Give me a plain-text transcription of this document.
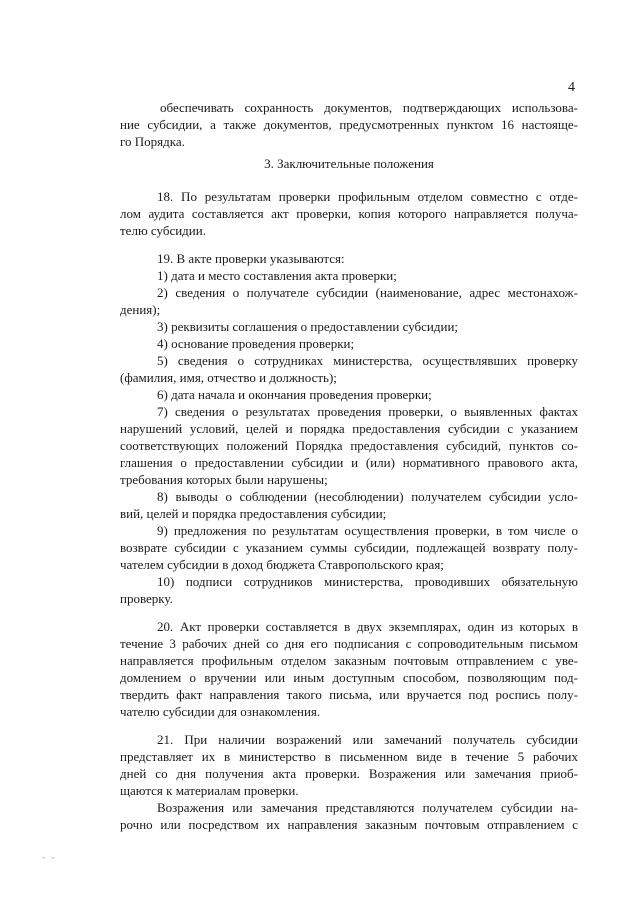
4
3. Заключительные положения
обеспечивать сохранность документов, подтверждающих использова-
ние субсидии, а также документов, предусмотренных пунктом 16 настояще-
го Порядка.
18. По результатам проверки профильным отделом совместно с отде-
лом аудита составляется акт проверки, копия которого направляется получа-
телю субсидии.
19. В акте проверки указываются:
1) дата и место составления акта проверки;
2) сведения о получателе субсидии (наименование, адрес местонахож-
дения);
3) реквизиты соглашения о предоставлении субсидии;
4) основание проведения проверки;
5) сведения о сотрудниках министерства, осуществлявших проверку
(фамилия, имя, отчество и должность);
6) дата начала и окончания проведения проверки;
7) сведения о результатах проведения проверки, о выявленных фактах
нарушений условий, целей и порядка предоставления субсидии с указанием
соответствующих положений Порядка предоставления субсидий, пунктов со-
глашения о предоставлении субсидии и (или) нормативного правового акта,
требования которых были нарушены;
8) выводы о соблюдении (несоблюдении) получателем субсидии усло-
вий, целей и порядка предоставления субсидии;
9) предложения по результатам осуществления проверки, в том числе о
возврате субсидии с указанием суммы субсидии, подлежащей возврату полу-
чателем субсидии в доход бюджета Ставропольского края;
10) подписи сотрудников министерства, проводивших обязательную
проверку.
20. Акт проверки составляется в двух экземплярах, один из которых в
течение 3 рабочих дней со дня его подписания с сопроводительным письмом
направляется профильным отделом заказным почтовым отправлением с уве-
домлением о вручении или иным доступным способом, позволяющим под-
твердить факт направления такого письма, или вручается под роспись полу-
чателю субсидии для ознакомления.
21. При наличии возражений или замечаний получатель субсидии
представляет их в министерство в письменном виде в течение 5 рабочих
дней со дня получения акта проверки. Возражения или замечания приоб-
щаются к материалам проверки.
Возражения или замечания представляются получателем субсидии на-
рочно или посредством их направления заказным почтовым отправлением с
- -
